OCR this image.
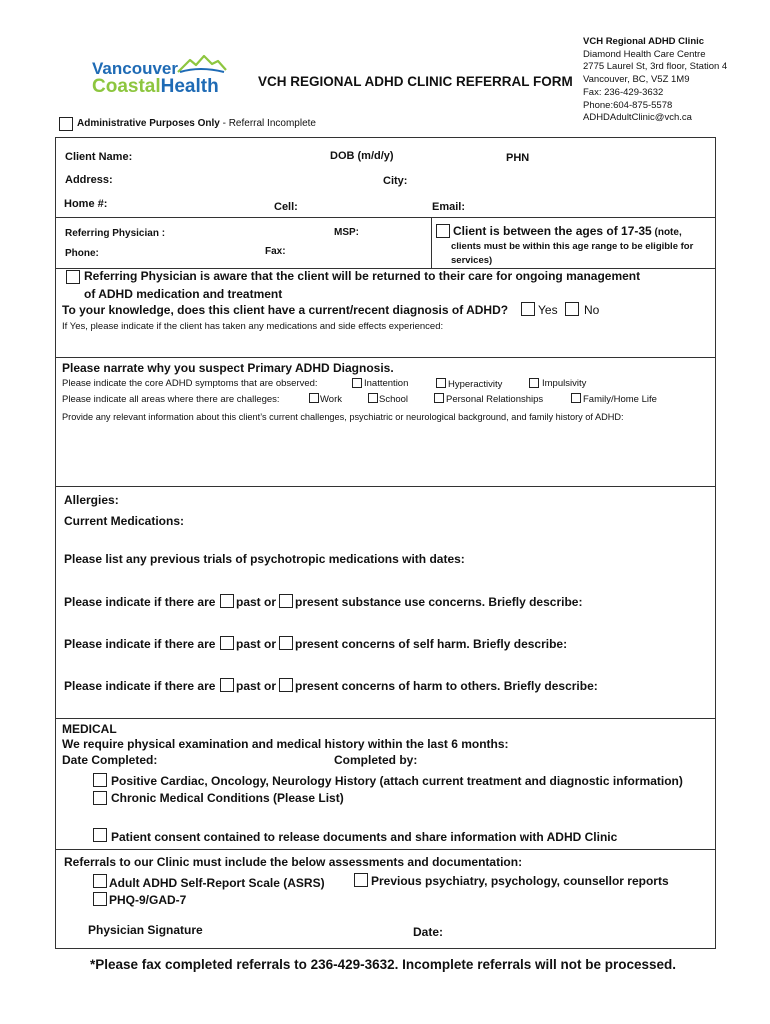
Vancouver
CoastalHealth	VCH REGIONAL ADHD CLINIC REFERRAL FORM
VCH Regional ADHD Clinic
Diamond Health Care Centre
2775 Laurel St, 3rd floor, Station 4
Vancouver, BC, V5Z 1M9
Fax: 236-429-3632
Phone:604-875-5578
ADHDAdultClinic@vch.ca
Administrative Purposes Only - Referral Incomplete
Client Name:	DOB (m/d/y)	PHN
Address:	City:
Home #:	Cell:	Email:
Referring Physician :	MSP:	Client is between the ages of 17-35 (note,
clients must be within this age range to be eligible for
services)
Phone:	Fax:
Referring Physician is aware that the client will be returned to their care for ongoing management
of ADHD medication and treatment
To your knowledge, does this client have a current/recent diagnosis of ADHD? Yes No
If Yes, please indicate if the client has taken any medications and side effects experienced:
Please narrate why you suspect Primary ADHD Diagnosis.
Please indicate the core ADHD symptoms that are observed:	Inattention	Hyperactivity	Impulsivity
Please indicate all areas where there are challeges:	Work	School	Personal Relationships	Family/Home Life
Provide any relevant information about this client’s current challenges, psychiatric or neurological background, and family history of ADHD:
Allergies:
Current Medications:
Please list any previous trials of psychotropic medications with dates:
Please indicate if there are past or present substance use concerns. Briefly describe:
Please indicate if there are past or present concerns of self harm. Briefly describe:
Please indicate if there are past or present concerns of harm to others. Briefly describe:
MEDICAL
We require physical examination and medical history within the last 6 months:
Date Completed:	Completed by:
Positive Cardiac, Oncology, Neurology History (attach current treatment and diagnostic information)
Chronic Medical Conditions (Please List)
Patient consent contained to release documents and share information with ADHD Clinic
Referrals to our Clinic must include the below assessments and documentation:
Adult ADHD Self-Report Scale (ASRS)	Previous psychiatry, psychology, counsellor reports
PHQ-9/GAD-7
Physician Signature	Date:
*Please fax completed referrals to 236-429-3632. Incomplete referrals will not be processed.
